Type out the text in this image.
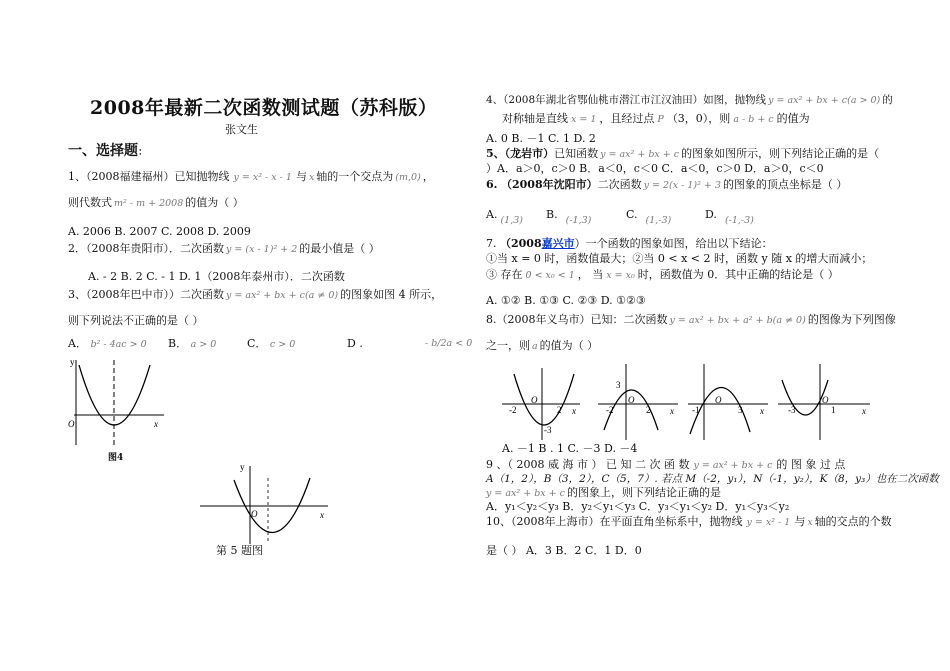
2008年最新二次函数测试题（苏科版）
张文生
一、选择题：
1、（2008福建福州）已知抛物线 y = x² - x - 1 与 x 轴的一个交点为 (m,0) ，
则代数式 m² - m + 2008 的值为（ ）
A. 2006 B. 2007 C. 2008 D. 2009
2．（2008年贵阳市）．二次函数 y = (x - 1)² + 2 的最小值是（ ）
A. - 2 B. 2 C. - 1 D. 1（2008年泰州市）．二次函数
3、（2008年巴中市））二次函数 y = ax² + bx + c(a ≠ 0) 的图象如图 4 所示，
则下列说法不正确的是（ ）
A． b² - 4ac > 0 B． a > 0	C． c > 0	D .	- b/2a < 0
y
x
O
图4
y
x
O
第 5 题图
4、（2008年湖北省鄂仙桃市潜江市江汉油田）如图，抛物线 y = ax² + bx + c(a > 0) 的
对称轴是直线 x = 1 ，且经过点 P （3，0），则 a - b + c 的值为
A. 0 B. －1 C. 1 D. 2
5、（龙岩市）已知函数 y = ax² + bx + c 的图象如图所示，则下列结论正确的是（
）A．a＞0，c＞0 B．a＜0，c＜0 C．a＜0，c＞0 D．a＞0，c＜0
6. （2008年沈阳市）二次函数 y = 2(x - 1)² + 3 的图象的顶点坐标是（ ）
A. (1,3) B. (-1,3)	C. (1,-3)	D. (-1,-3)
7. （2008嘉兴市）一个函数的图象如图，给出以下结论：
①当 x = 0 时，函数值最大；②当 0 < x < 2 时，函数 y 随 x 的增大而减小；
③ 存在 0 < x₀ < 1 ， 当 x = x₀ 时，函数值为 0．其中正确的结论是（ ）
A. ①② B. ①③ C. ②③ D. ①②③
8.（2008年义乌市）已知：二次函数 y = ax² + bx + a² + b(a ≠ 0) 的图像为下列图像
之一，则 a 的值为（ ）
-2
O
2
-3
x
3
-2
O
2 x -1
O
3 x	-3
O
1	x
A. －1 B . 1 C. －3 D. －4
9 、（ 2008 威 海 市 ） 已 知 二 次 函 数 y = ax² + bx + c 的 图 象 过 点
A（1，2），B（3，2），C（5，7）. 若点 M（-2，y₁），N（-1，y₂），K（8，y₃）也在二次函数
y = ax² + bx + c 的图象上，则下列结论正确的是
A．y₁＜y₂＜y₃ B．y₂＜y₁＜y₃ C．y₃＜y₁＜y₂ D．y₁＜y₃＜y₂
10、（2008年上海市）在平面直角坐标系中，抛物线 y = x² - 1 与 x 轴的交点的个数
是（ ） A．3 B．2 C．1 D．0
